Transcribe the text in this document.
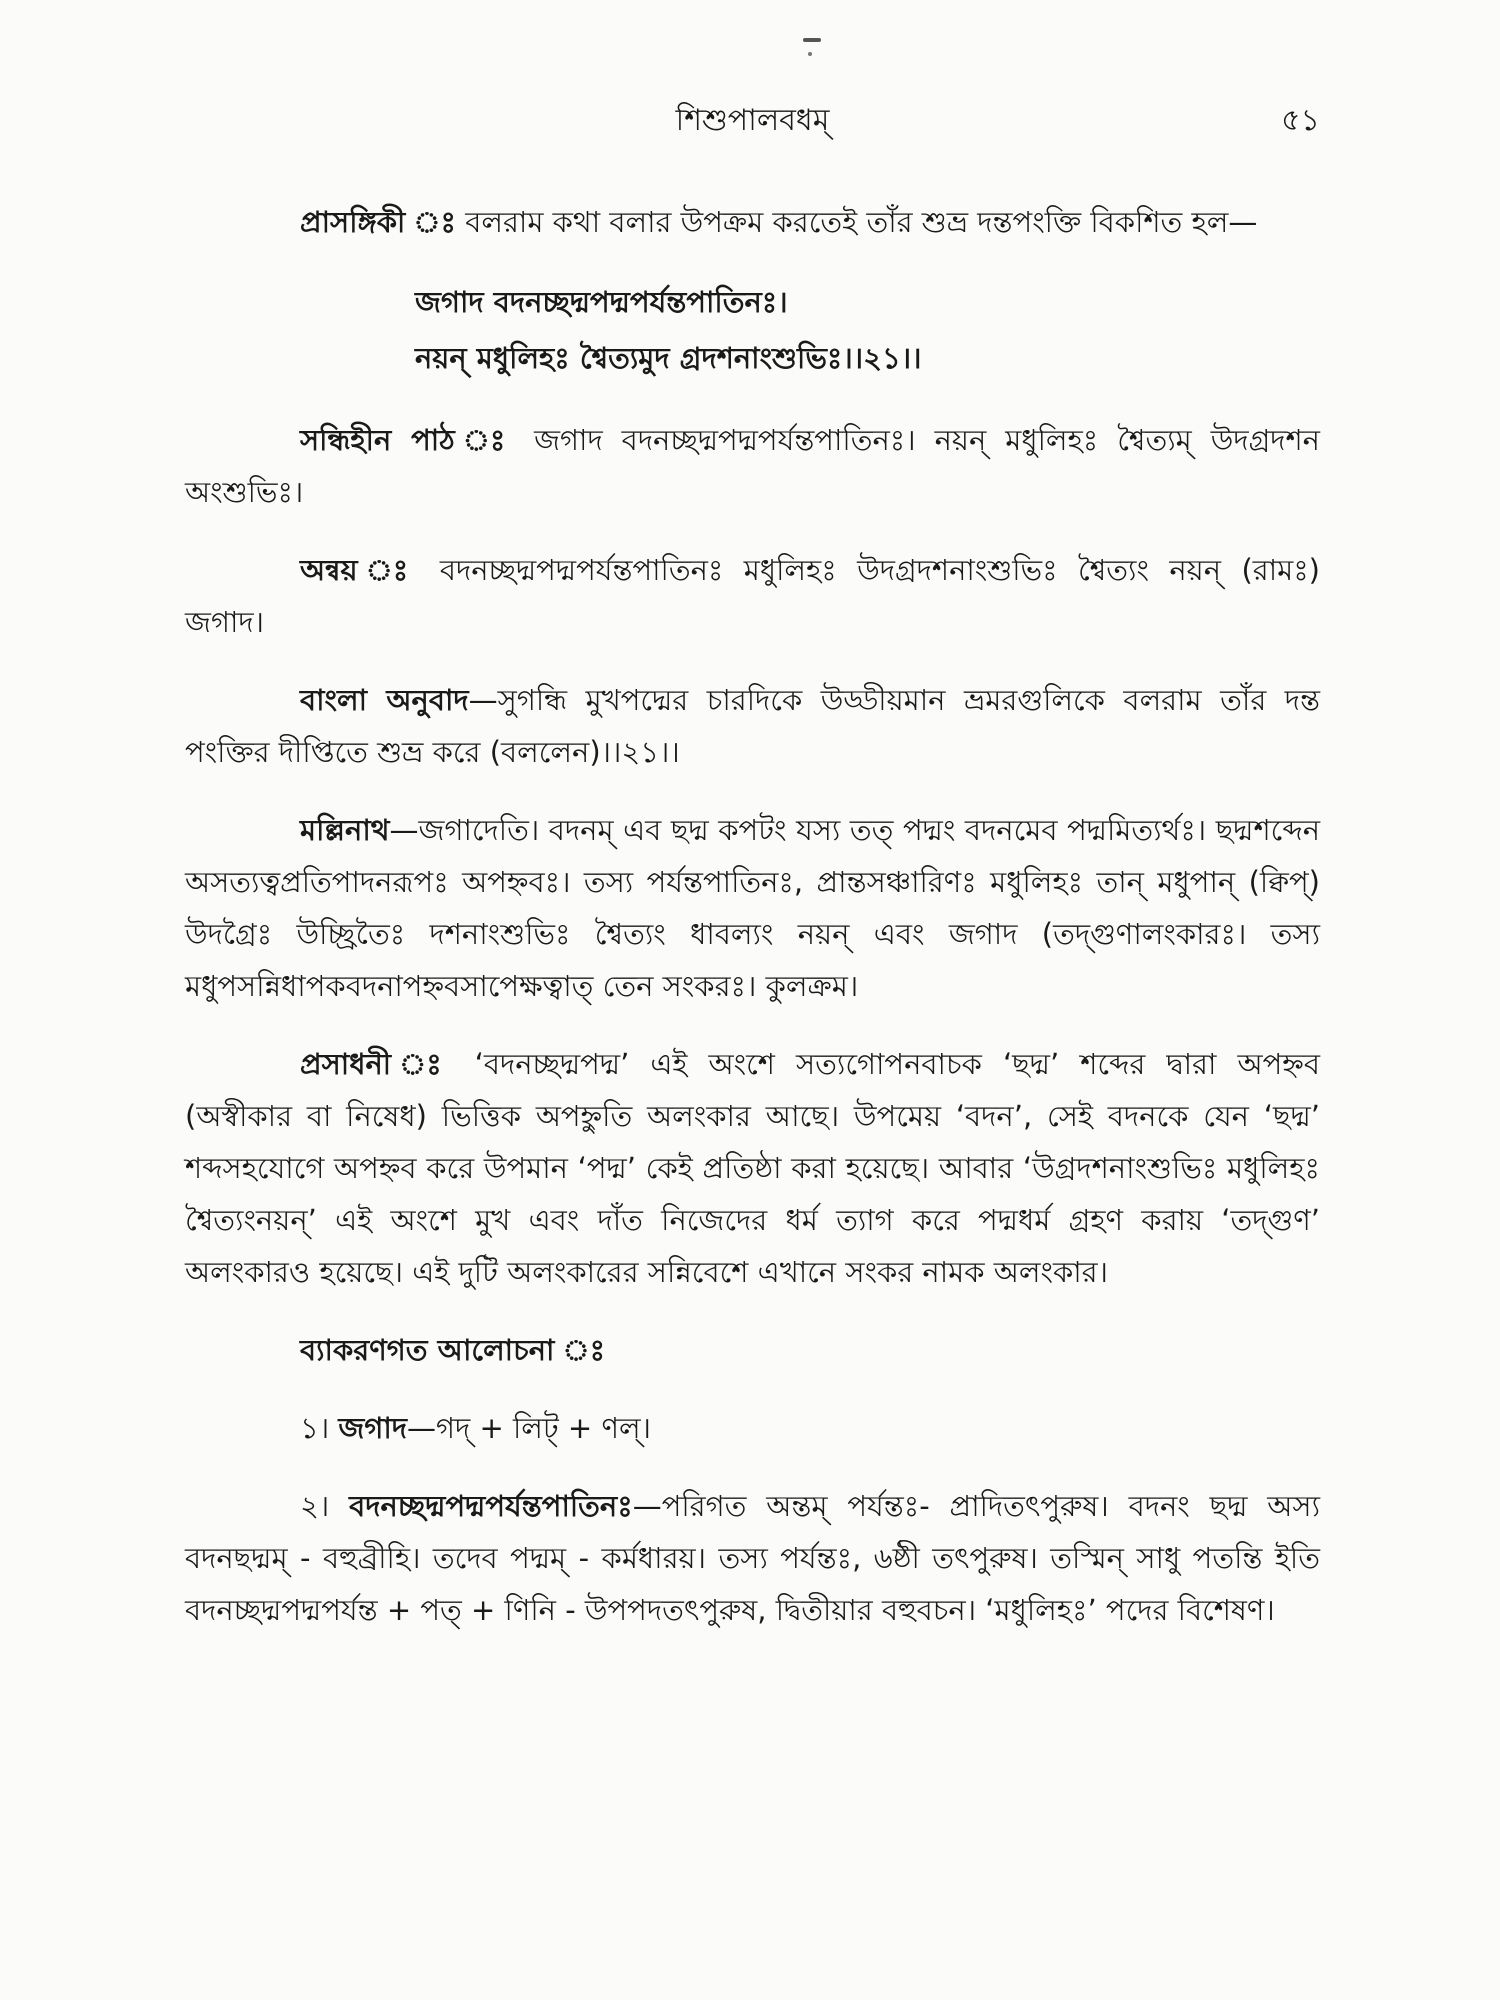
শিশুপালবধম্	৫১

প্রাসঙ্গিকী ঃ বলরাম কথা বলার উপক্রম করতেই তাঁর শুভ্র দন্তপংক্তি বিকশিত হল—

জগাদ বদনচ্ছদ্মপদ্মপর্যন্তপাতিনঃ।
নয়ন্ মধুলিহঃ শ্বৈত্যমুদ গ্রদশনাংশুভিঃ।।২১।।

সন্ধিহীন পাঠ ঃ জগাদ বদনচ্ছদ্মপদ্মপর্যন্তপাতিনঃ। নয়ন্ মধুলিহঃ শ্বৈত্যম্ উদগ্রদশন অংশুভিঃ।

অন্বয় ঃ বদনচ্ছদ্মপদ্মপর্যন্তপাতিনঃ মধুলিহঃ উদগ্রদশনাংশুভিঃ শ্বৈত্যং নয়ন্ (রামঃ) জগাদ।

বাংলা অনুবাদ—সুগন্ধি মুখপদ্মের চারদিকে উড্ডীয়মান ভ্রমরগুলিকে বলরাম তাঁর দন্ত পংক্তির দীপ্তিতে শুভ্র করে (বললেন)।।২১।।

মল্লিনাথ—জগাদেতি। বদনম্ এব ছদ্ম কপটং যস্য তত্ পদ্মং বদনমেব পদ্মমিত্যর্থঃ। ছদ্মশব্দেন অসত্যত্বপ্রতিপাদনরূপঃ অপহ্নবঃ। তস্য পর্যন্তপাতিনঃ, প্রান্তসঞ্চারিণঃ মধুলিহঃ তান্ মধুপান্ (ক্বিপ্) উদগ্রৈঃ উচ্ছ্রিতৈঃ দশনাংশুভিঃ শ্বৈত্যং ধাবল্যং নয়ন্ এবং জগাদ (তদ্‌গুণালংকারঃ। তস্য মধুপসন্নিধাপকবদনাপহ্নবসাপেক্ষত্বাত্ তেন সংকরঃ। কুলক্রম।

প্রসাধনী ঃ ‘বদনচ্ছদ্মপদ্ম’ এই অংশে সত্যগোপনবাচক ‘ছদ্ম’ শব্দের দ্বারা অপহ্নব (অস্বীকার বা নিষেধ) ভিত্তিক অপহ্নুতি অলংকার আছে। উপমেয় ‘বদন’, সেই বদনকে যেন ‘ছদ্ম’ শব্দসহযোগে অপহ্নব করে উপমান ‘পদ্ম’ কেই প্রতিষ্ঠা করা হয়েছে। আবার ‘উগ্রদশনাংশুভিঃ মধুলিহঃ শ্বৈত্যংনয়ন্’ এই অংশে মুখ এবং দাঁত নিজেদের ধর্ম ত্যাগ করে পদ্মধর্ম গ্রহণ করায় ‘তদ্‌গুণ’ অলংকারও হয়েছে। এই দুটি অলংকারের সন্নিবেশে এখানে সংকর নামক অলংকার।

ব্যাকরণগত আলোচনা ঃ

১। জগাদ—গদ্ + লিট্ + ণল্।

২। বদনচ্ছদ্মপদ্মপর্যন্তপাতিনঃ—পরিগত অন্তম্ পর্যন্তঃ- প্রাদিতৎপুরুষ। বদনং ছদ্ম অস্য বদনছদ্মম্ - বহুব্রীহি। তদেব পদ্মম্ - কর্মধারয়। তস্য পর্যন্তঃ, ৬ষ্ঠী তৎপুরুষ। তস্মিন্ সাধু পতন্তি ইতি বদনচ্ছদ্মপদ্মপর্যন্ত + পত্ + ণিনি - উপপদতৎপুরুষ, দ্বিতীয়ার বহুবচন। ‘মধুলিহঃ’ পদের বিশেষণ।
